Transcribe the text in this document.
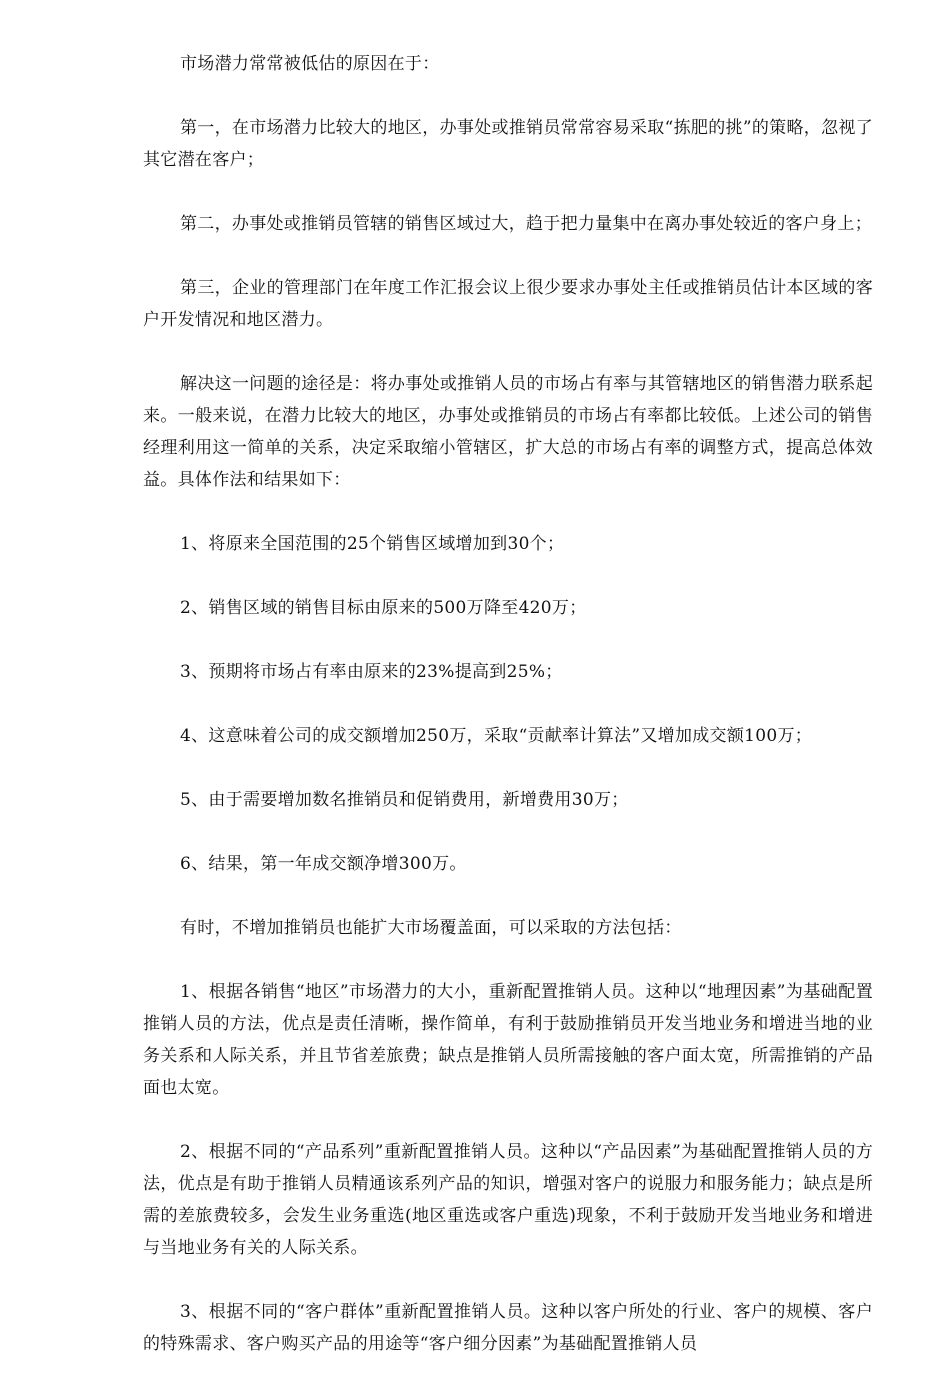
市场潜力常常被低估的原因在于：

第一，在市场潜力比较大的地区，办事处或推销员常常容易采取“拣肥的挑”的策略，忽视了其它潜在客户；

第二，办事处或推销员管辖的销售区域过大，趋于把力量集中在离办事处较近的客户身上；

第三，企业的管理部门在年度工作汇报会议上很少要求办事处主任或推销员估计本区域的客户开发情况和地区潜力。

解决这一问题的途径是：将办事处或推销人员的市场占有率与其管辖地区的销售潜力联系起来。一般来说，在潜力比较大的地区，办事处或推销员的市场占有率都比较低。上述公司的销售经理利用这一简单的关系，决定采取缩小管辖区，扩大总的市场占有率的调整方式，提高总体效益。具体作法和结果如下：

1、将原来全国范围的25个销售区域增加到30个；

2、销售区域的销售目标由原来的500万降至420万；

3、预期将市场占有率由原来的23%提高到25%；

4、这意味着公司的成交额增加250万，采取“贡献率计算法”又增加成交额100万；

5、由于需要增加数名推销员和促销费用，新增费用30万；

6、结果，第一年成交额净增300万。

有时，不增加推销员也能扩大市场覆盖面，可以采取的方法包括：

1、根据各销售“地区”市场潜力的大小，重新配置推销人员。这种以“地理因素”为基础配置推销人员的方法，优点是责任清晰，操作简单，有利于鼓励推销员开发当地业务和增进当地的业务关系和人际关系，并且节省差旅费；缺点是推销人员所需接触的客户面太宽，所需推销的产品面也太宽。

2、根据不同的“产品系列”重新配置推销人员。这种以“产品因素”为基础配置推销人员的方法，优点是有助于推销人员精通该系列产品的知识，增强对客户的说服力和服务能力；缺点是所需的差旅费较多，会发生业务重选(地区重选或客户重选)现象，不利于鼓励开发当地业务和增进与当地业务有关的人际关系。

3、根据不同的“客户群体”重新配置推销人员。这种以客户所处的行业、客户的规模、客户的特殊需求、客户购买产品的用途等“客户细分因素”为基础配置推销人员
